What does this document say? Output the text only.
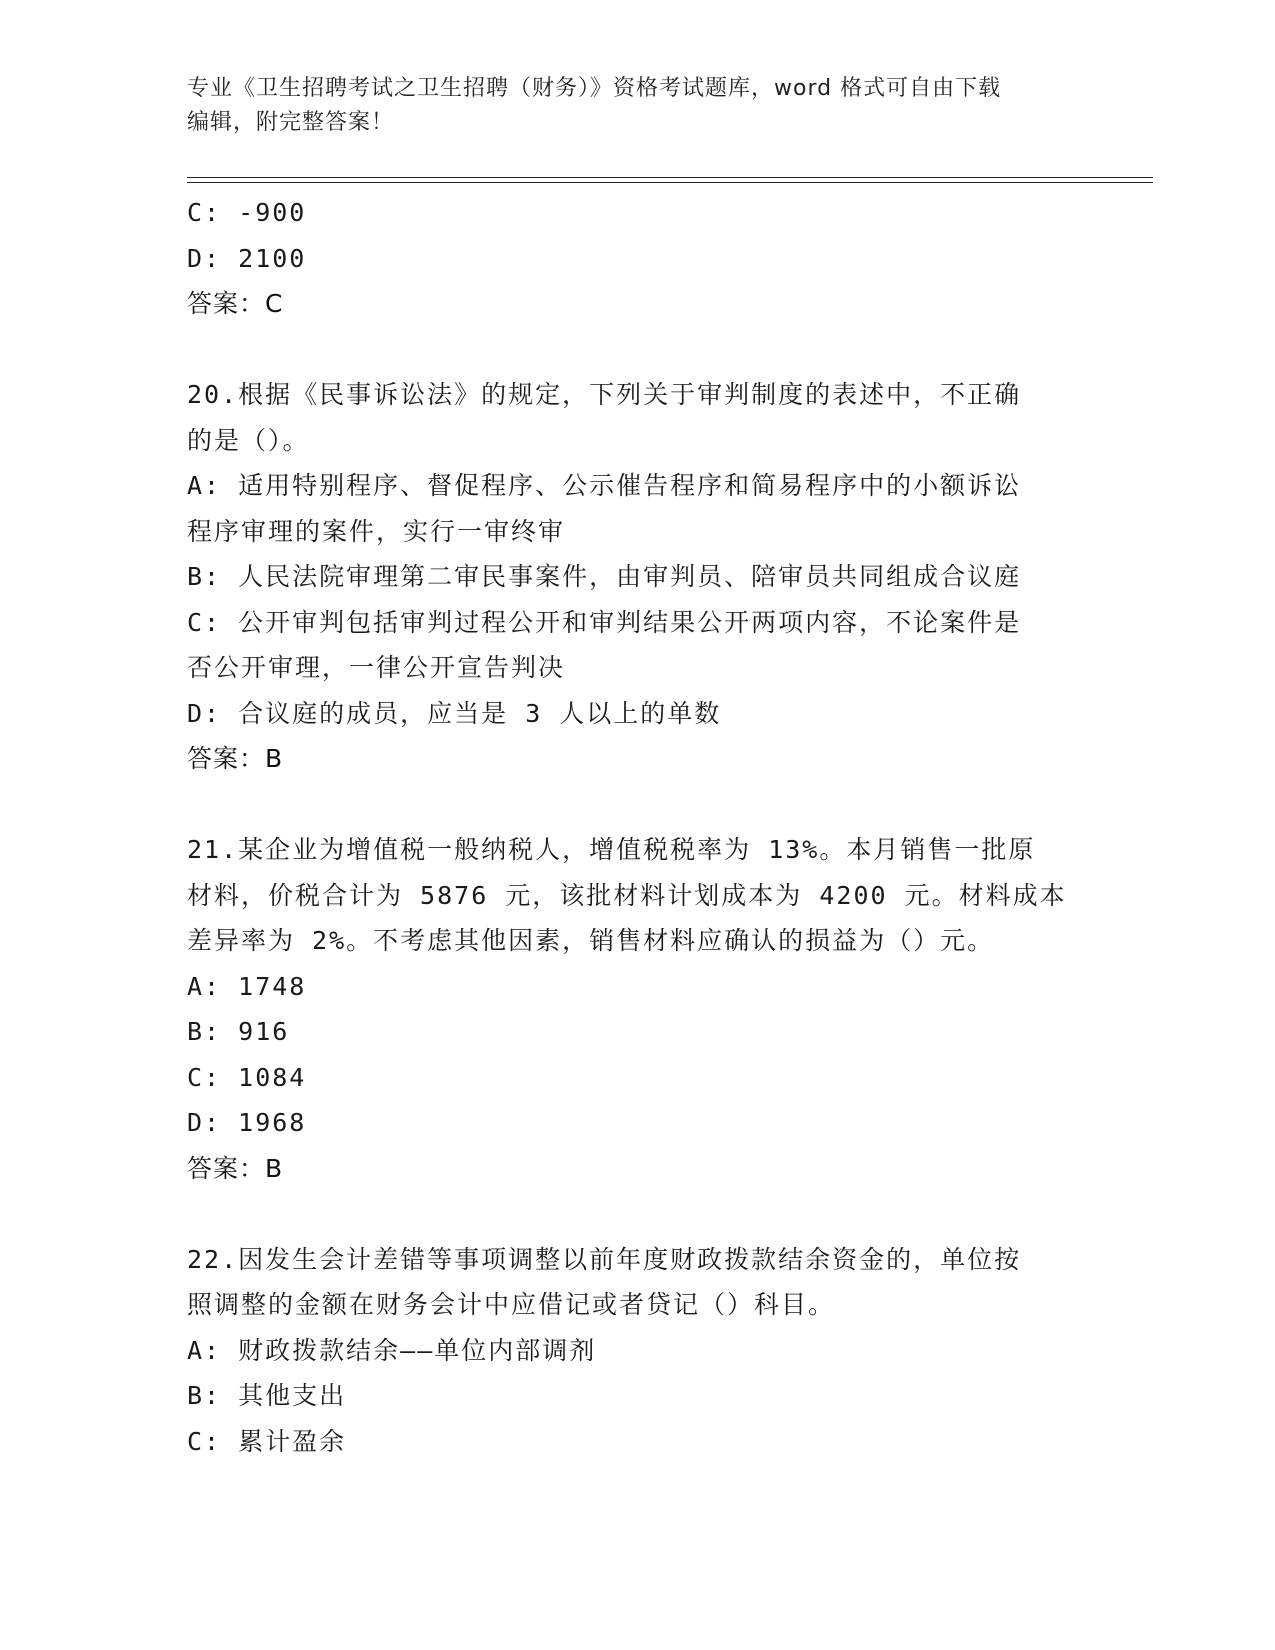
专业《卫生招聘考试之卫生招聘（财务）》资格考试题库，word 格式可自由下载
编辑，附完整答案！
C: -900
D: 2100
答案：C
20.根据《民事诉讼法》的规定，下列关于审判制度的表述中，不正确
的是（）。
A: 适用特别程序、督促程序、公示催告程序和简易程序中的小额诉讼
程序审理的案件，实行一审终审
B: 人民法院审理第二审民事案件，由审判员、陪审员共同组成合议庭
C: 公开审判包括审判过程公开和审判结果公开两项内容，不论案件是
否公开审理，一律公开宣告判决
D: 合议庭的成员，应当是 3 人以上的单数
答案：B
21.某企业为增值税一般纳税人，增值税税率为 13%。本月销售一批原
材料，价税合计为 5876 元，该批材料计划成本为 4200 元。材料成本
差异率为 2%。不考虑其他因素，销售材料应确认的损益为（）元。
A: 1748
B: 916
C: 1084
D: 1968
答案：B
22.因发生会计差错等事项调整以前年度财政拨款结余资金的，单位按
照调整的金额在财务会计中应借记或者贷记（）科目。
A: 财政拨款结余——单位内部调剂
B: 其他支出
C: 累计盈余
